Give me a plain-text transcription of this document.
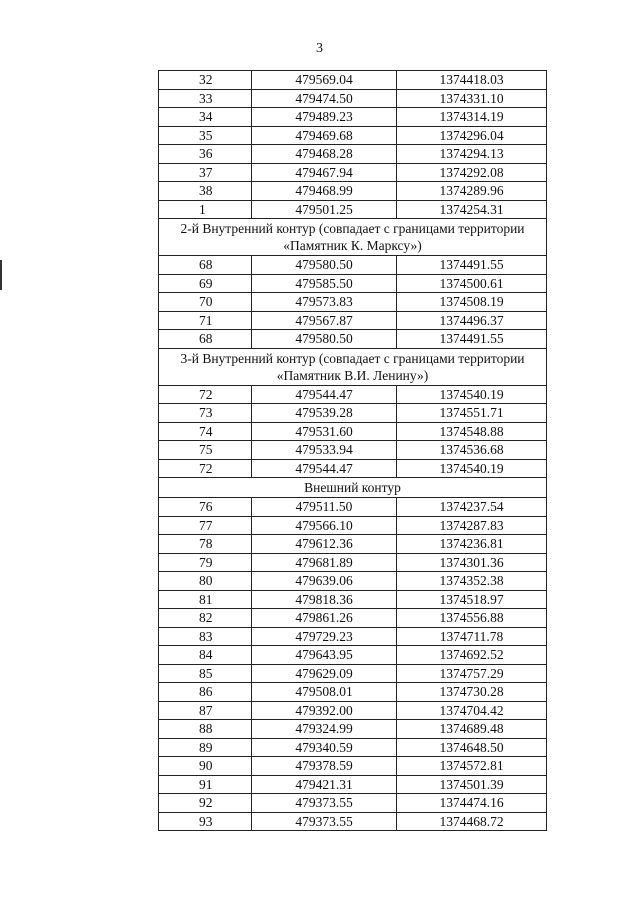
3
32	479569.04	1374418.03
33	479474.50	1374331.10
34	479489.23	1374314.19
35	479469.68	1374296.04
36	479468.28	1374294.13
37	479467.94	1374292.08
38	479468.99	1374289.96
1	479501.25	1374254.31
2-й Внутренний контур (совпадает с границами территории «Памятник К. Марксу»)		
68	479580.50	1374491.55
69	479585.50	1374500.61
70	479573.83	1374508.19
71	479567.87	1374496.37
68	479580.50	1374491.55
3-й Внутренний контур (совпадает с границами территории «Памятник В.И. Ленину»)		
72	479544.47	1374540.19
73	479539.28	1374551.71
74	479531.60	1374548.88
75	479533.94	1374536.68
72	479544.47	1374540.19
Внешний контур		
76	479511.50	1374237.54
77	479566.10	1374287.83
78	479612.36	1374236.81
79	479681.89	1374301.36
80	479639.06	1374352.38
81	479818.36	1374518.97
82	479861.26	1374556.88
83	479729.23	1374711.78
84	479643.95	1374692.52
85	479629.09	1374757.29
86	479508.01	1374730.28
87	479392.00	1374704.42
88	479324.99	1374689.48
89	479340.59	1374648.50
90	479378.59	1374572.81
91	479421.31	1374501.39
92	479373.55	1374474.16
93	479373.55	1374468.72
